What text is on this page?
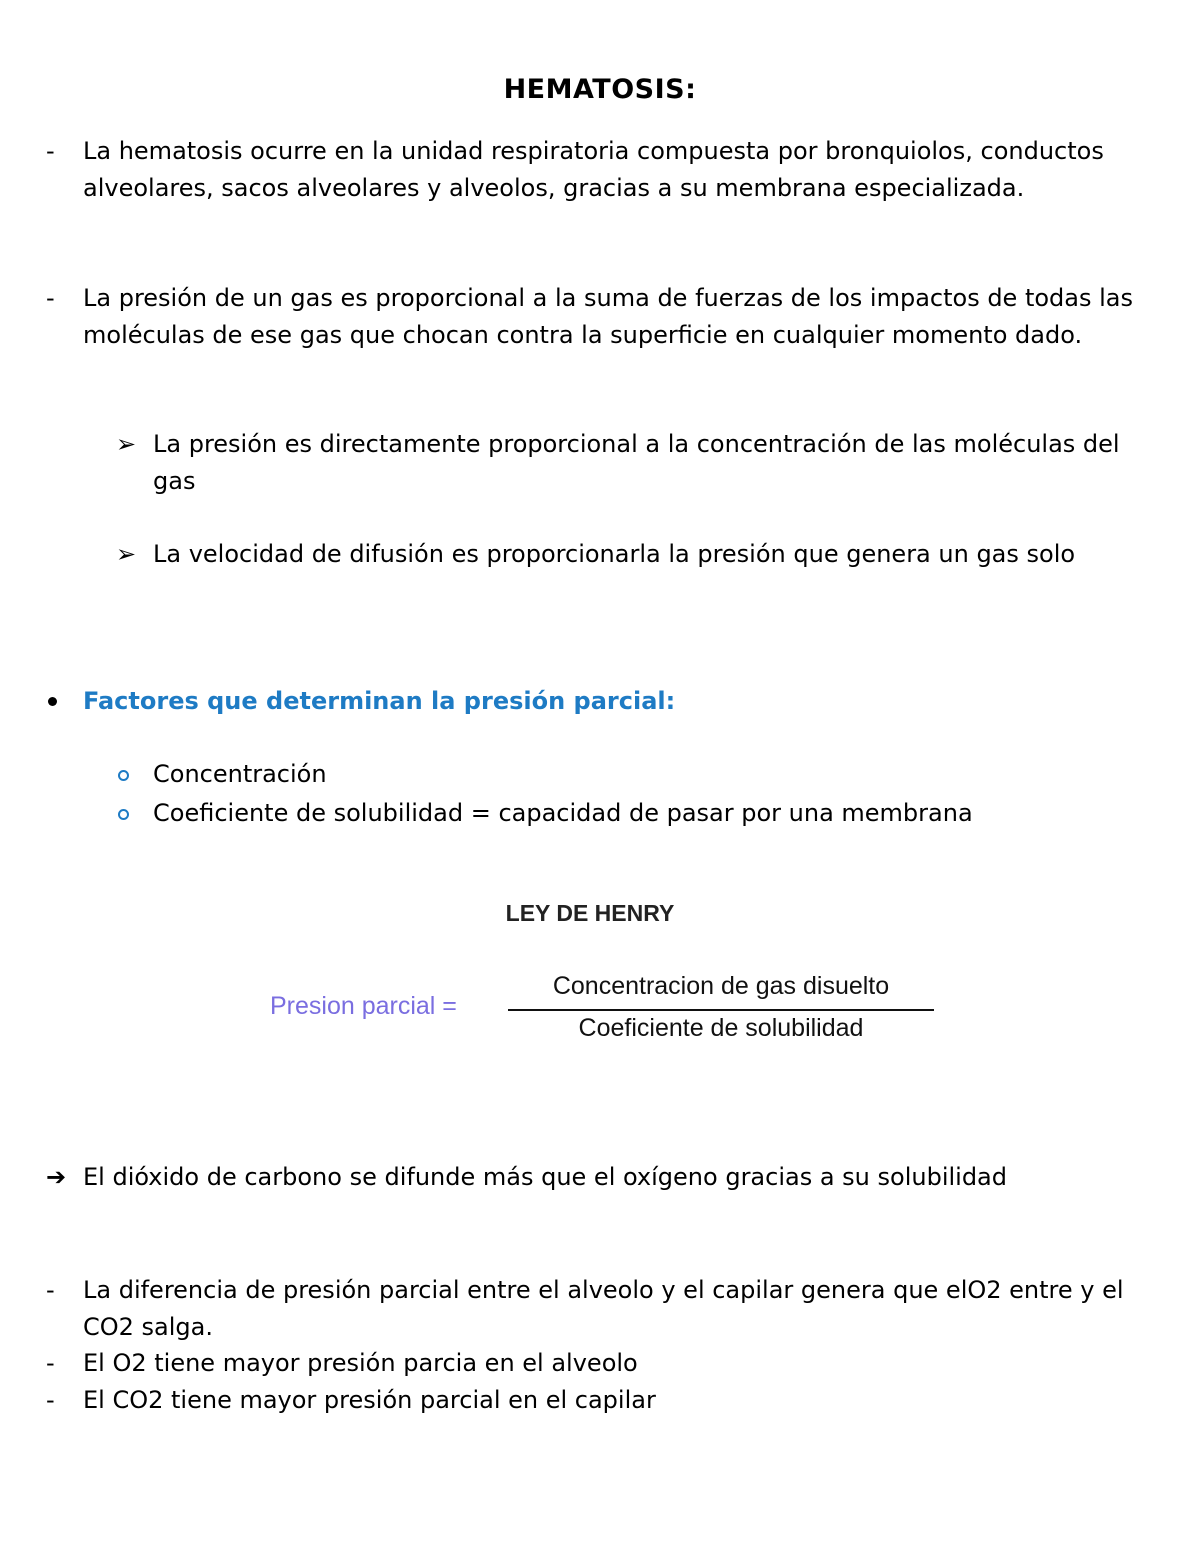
HEMATOSIS:
- La hematosis ocurre en la unidad respiratoria compuesta por bronquiolos, conductos alveolares, sacos alveolares y alveolos, gracias a su membrana especializada.
- La presión de un gas es proporcional a la suma de fuerzas de los impactos de todas las moléculas de ese gas que chocan contra la superficie en cualquier momento dado.
➢ La presión es directamente proporcional a la concentración de las moléculas del gas
➢ La velocidad de difusión es proporcionarla la presión que genera un gas solo
Factores que determinan la presión parcial:
Concentración
Coeficiente de solubilidad = capacidad de pasar por una membrana
LEY DE HENRY
Presion parcial =
Concentracion de gas disuelto
Coeficiente de solubilidad
➔ El dióxido de carbono se difunde más que el oxígeno gracias a su solubilidad
- La diferencia de presión parcial entre el alveolo y el capilar genera que elO2 entre y el CO2 salga.
- El O2 tiene mayor presión parcia en el alveolo
- El CO2 tiene mayor presión parcial en el capilar
